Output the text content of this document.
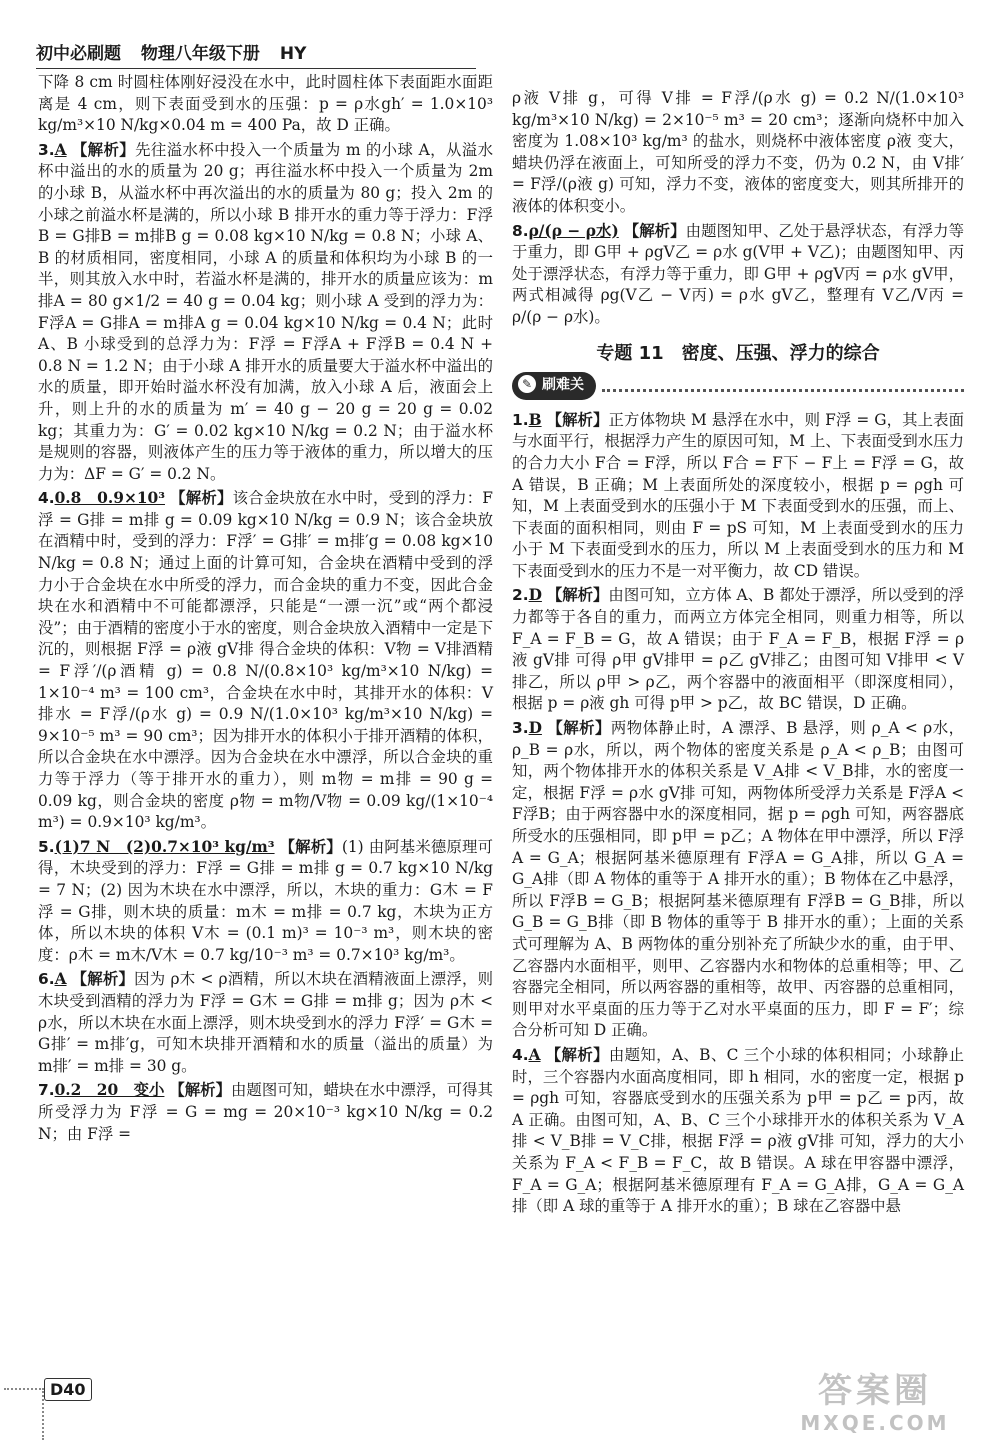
初中必刷题 物理八年级下册 HY
下降 8 cm 时圆柱体刚好浸没在水中，此时圆柱体下表面距水面距离是 4 cm，则下表面受到水的压强：p = ρ水gh′ = 1.0×10³ kg/m³×10 N/kg×0.04 m = 400 Pa，故 D 正确。
3.A 【解析】先往溢水杯中投入一个质量为 m 的小球 A，从溢水杯中溢出的水的质量为 20 g；再往溢水杯中投入一个质量为 2m 的小球 B，从溢水杯中再次溢出的水的质量为 80 g；投入 2m 的小球之前溢水杯是满的，所以小球 B 排开水的重力等于浮力：F浮B = G排B = m排B g = 0.08 kg×10 N/kg = 0.8 N；小球 A、B 的材质相同，密度相同，小球 A 的质量和体积均为小球 B 的一半，则其放入水中时，若溢水杯是满的，排开水的质量应该为：m排A = 80 g×1/2 = 40 g = 0.04 kg；则小球 A 受到的浮力为：F浮A = G排A = m排A g = 0.04 kg×10 N/kg = 0.4 N；此时 A、B 小球受到的总浮力为：F浮 = F浮A + F浮B = 0.4 N + 0.8 N = 1.2 N；由于小球 A 排开水的质量要大于溢水杯中溢出的水的质量，即开始时溢水杯没有加满，放入小球 A 后，液面会上升，则上升的水的质量为 m′ = 40 g − 20 g = 20 g = 0.02 kg；其重力为：G′ = 0.02 kg×10 N/kg = 0.2 N；由于溢水杯是规则的容器，则液体产生的压力等于液体的重力，所以增大的压力为：ΔF = G′ = 0.2 N。
4.0.8　0.9×10³ 【解析】该合金块放在水中时，受到的浮力：F浮 = G排 = m排 g = 0.09 kg×10 N/kg = 0.9 N；该合金块放在酒精中时，受到的浮力：F浮′ = G排′ = m排′g = 0.08 kg×10 N/kg = 0.8 N；通过上面的计算可知，合金块在酒精中受到的浮力小于合金块在水中所受的浮力，而合金块的重力不变，因此合金块在水和酒精中不可能都漂浮，只能是“一漂一沉”或“两个都浸没”；由于酒精的密度小于水的密度，则合金块放入酒精中一定是下沉的，则根据 F浮 = ρ液 gV排 得合金块的体积：V物 = V排酒精 = F浮′/(ρ酒精 g) = 0.8 N/(0.8×10³ kg/m³×10 N/kg) = 1×10⁻⁴ m³ = 100 cm³，合金块在水中时，其排开水的体积：V排水 = F浮/(ρ水 g) = 0.9 N/(1.0×10³ kg/m³×10 N/kg) = 9×10⁻⁵ m³ = 90 cm³；因为排开水的体积小于排开酒精的体积，所以合金块在水中漂浮。因为合金块在水中漂浮，所以合金块的重力等于浮力（等于排开水的重力），则 m物 = m排 = 90 g = 0.09 kg，则合金块的密度 ρ物 = m物/V物 = 0.09 kg/(1×10⁻⁴ m³) = 0.9×10³ kg/m³。
5.(1)7 N　(2)0.7×10³ kg/m³ 【解析】(1) 由阿基米德原理可得，木块受到的浮力：F浮 = G排 = m排 g = 0.7 kg×10 N/kg = 7 N；(2) 因为木块在水中漂浮，所以，木块的重力：G木 = F浮 = G排，则木块的质量：m木 = m排 = 0.7 kg，木块为正方体，所以木块的体积 V木 = (0.1 m)³ = 10⁻³ m³，则木块的密度：ρ木 = m木/V木 = 0.7 kg/10⁻³ m³ = 0.7×10³ kg/m³。
6.A 【解析】因为 ρ木 < ρ酒精，所以木块在酒精液面上漂浮，则木块受到酒精的浮力为 F浮 = G木 = G排 = m排 g；因为 ρ木 < ρ水，所以木块在水面上漂浮，则木块受到水的浮力 F浮′ = G木 = G排′ = m排′g，可知木块排开酒精和水的质量（溢出的质量）为 m排′ = m排 = 30 g。
7.0.2　20　变小 【解析】由题图可知，蜡块在水中漂浮，可得其所受浮力为 F浮 = G = mg = 20×10⁻³ kg×10 N/kg = 0.2 N；由 F浮 =
ρ液 V排 g，可得 V排 = F浮/(ρ水 g) = 0.2 N/(1.0×10³ kg/m³×10 N/kg) = 2×10⁻⁵ m³ = 20 cm³；逐渐向烧杯中加入密度为 1.08×10³ kg/m³ 的盐水，则烧杯中液体密度 ρ液 变大，蜡块仍浮在液面上，可知所受的浮力不变，仍为 0.2 N，由 V排′ = F浮/(ρ液 g) 可知，浮力不变，液体的密度变大，则其所排开的液体的体积变小。
8.ρ/(ρ − ρ水) 【解析】由题图知甲、乙处于悬浮状态，有浮力等于重力，即 G甲 + ρgV乙 = ρ水 g(V甲 + V乙)；由题图知甲、丙处于漂浮状态，有浮力等于重力，即 G甲 + ρgV丙 = ρ水 gV甲，两式相减得 ρg(V乙 − V丙) = ρ水 gV乙，整理有 V乙/V丙 = ρ/(ρ − ρ水)。
专题 11　密度、压强、浮力的综合
✎ 刷难关
1.B 【解析】正方体物块 M 悬浮在水中，则 F浮 = G，其上表面与水面平行，根据浮力产生的原因可知，M 上、下表面受到水压力的合力大小 F合 = F浮，所以 F合 = F下 − F上 = F浮 = G，故 A 错误，B 正确；M 上表面所处的深度较小，根据 p = ρgh 可知，M 上表面受到水的压强小于 M 下表面受到水的压强，而上、下表面的面积相同，则由 F = pS 可知，M 上表面受到水的压力小于 M 下表面受到水的压力，所以 M 上表面受到水的压力和 M 下表面受到水的压力不是一对平衡力，故 CD 错误。
2.D 【解析】由图可知，立方体 A、B 都处于漂浮，所以受到的浮力都等于各自的重力，而两立方体完全相同，则重力相等，所以 F_A = F_B = G，故 A 错误；由于 F_A = F_B，根据 F浮 = ρ液 gV排 可得 ρ甲 gV排甲 = ρ乙 gV排乙；由图可知 V排甲 < V排乙，所以 ρ甲 > ρ乙，两个容器中的液面相平（即深度相同），根据 p = ρ液 gh 可得 p甲 > p乙，故 BC 错误，D 正确。
3.D 【解析】两物体静止时，A 漂浮、B 悬浮，则 ρ_A < ρ水，ρ_B = ρ水，所以，两个物体的密度关系是 ρ_A < ρ_B；由图可知，两个物体排开水的体积关系是 V_A排 < V_B排，水的密度一定，根据 F浮 = ρ水 gV排 可知，两物体所受浮力关系是 F浮A < F浮B；由于两容器中水的深度相同，据 p = ρgh 可知，两容器底所受水的压强相同，即 p甲 = p乙；A 物体在甲中漂浮，所以 F浮A = G_A；根据阿基米德原理有 F浮A = G_A排，所以 G_A = G_A排（即 A 物体的重等于 A 排开水的重）；B 物体在乙中悬浮，所以 F浮B = G_B；根据阿基米德原理有 F浮B = G_B排，所以 G_B = G_B排（即 B 物体的重等于 B 排开水的重）；上面的关系式可理解为 A、B 两物体的重分别补充了所缺少水的重，由于甲、乙容器内水面相平，则甲、乙容器内水和物体的总重相等；甲、乙容器完全相同，所以两容器的重相等，故甲、丙容器的总重相同，则甲对水平桌面的压力等于乙对水平桌面的压力，即 F = F′；综合分析可知 D 正确。
4.A 【解析】由题知，A、B、C 三个小球的体积相同；小球静止时，三个容器内水面高度相同，即 h 相同，水的密度一定，根据 p = ρgh 可知，容器底受到水的压强关系为 p甲 = p乙 = p丙，故 A 正确。由图可知，A、B、C 三个小球排开水的体积关系为 V_A排 < V_B排 = V_C排，根据 F浮 = ρ液 gV排 可知，浮力的大小关系为 F_A < F_B = F_C，故 B 错误。A 球在甲容器中漂浮，F_A = G_A；根据阿基米德原理有 F_A = G_A排，G_A = G_A排（即 A 球的重等于 A 排开水的重）；B 球在乙容器中悬
D40	答案圈
MXQE.COM
